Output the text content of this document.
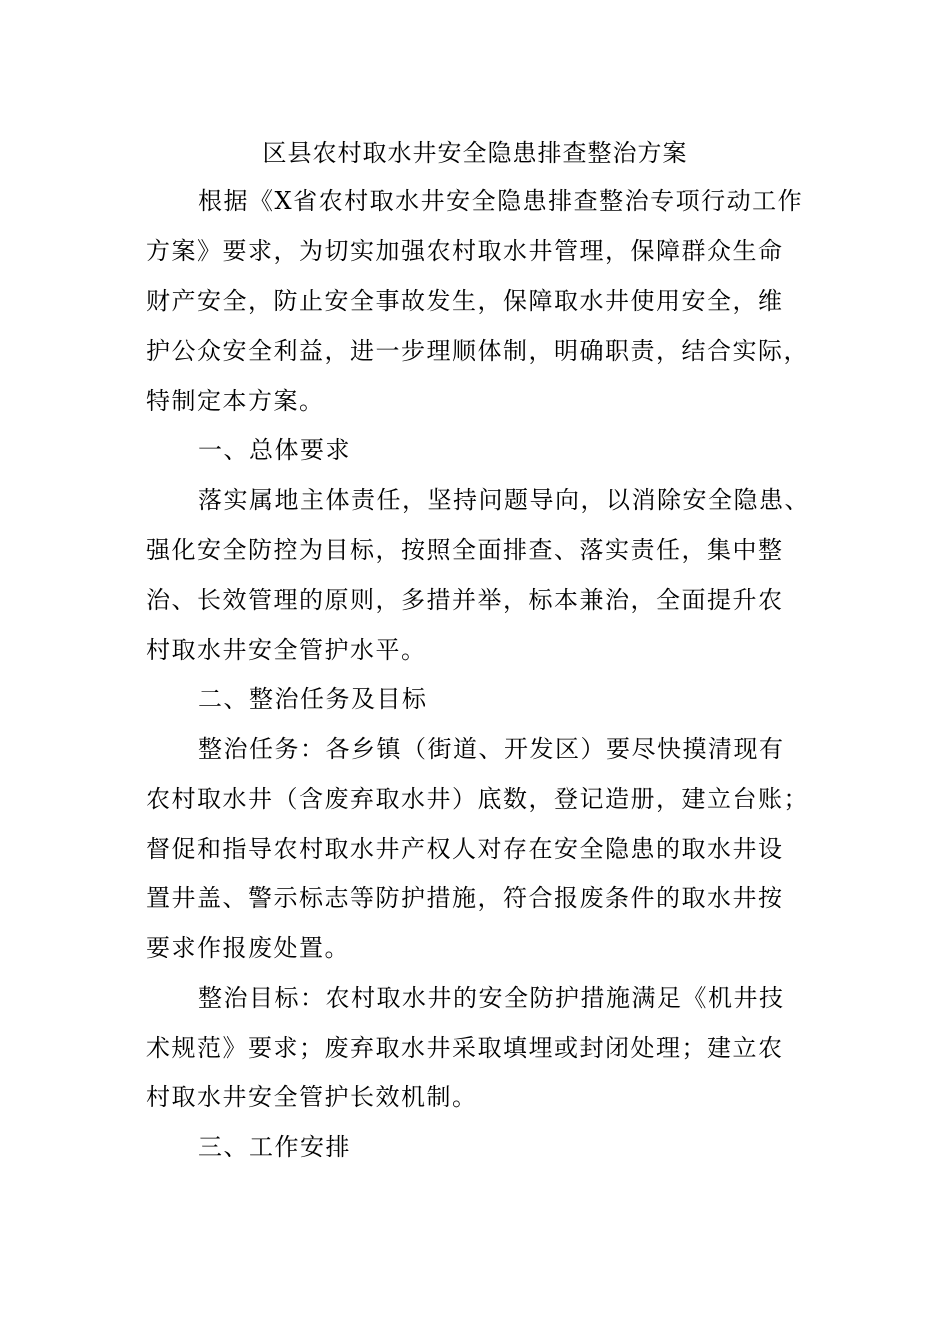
区县农村取水井安全隐患排查整治方案

根据《X省农村取水井安全隐患排查整治专项行动工作

方案》要求，为切实加强农村取水井管理，保障群众生命

财产安全，防止安全事故发生，保障取水井使用安全，维

护公众安全利益，进一步理顺体制，明确职责，结合实际，

特制定本方案。

一、总体要求

落实属地主体责任，坚持问题导向，以消除安全隐患、

强化安全防控为目标，按照全面排查、落实责任，集中整

治、长效管理的原则，多措并举，标本兼治，全面提升农

村取水井安全管护水平。

二、整治任务及目标

整治任务：各乡镇（街道、开发区）要尽快摸清现有

农村取水井（含废弃取水井）底数，登记造册，建立台账；

督促和指导农村取水井产权人对存在安全隐患的取水井设

置井盖、警示标志等防护措施，符合报废条件的取水井按

要求作报废处置。

整治目标：农村取水井的安全防护措施满足《机井技

术规范》要求；废弃取水井采取填埋或封闭处理；建立农

村取水井安全管护长效机制。

三、工作安排
